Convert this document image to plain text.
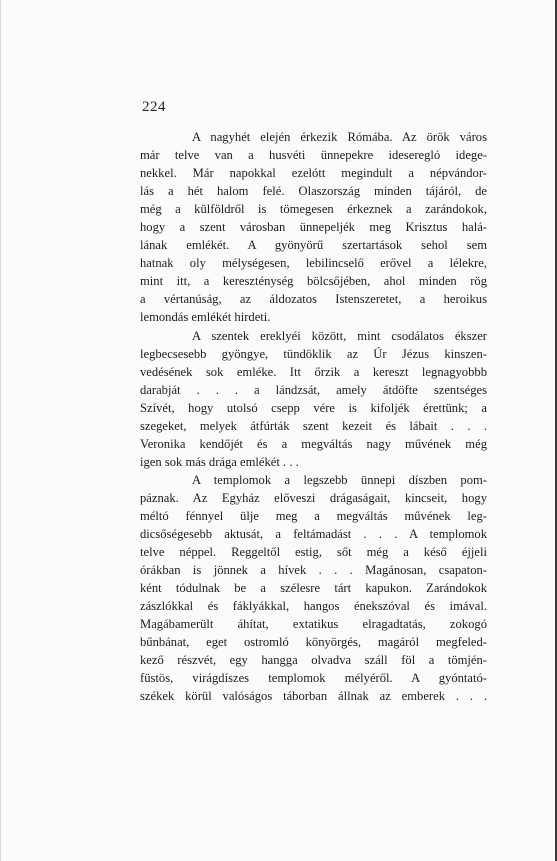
224
A nagyhét elején érkezik Rómába. Az örök város
már telve van a husvéti ünnepekre ideseregló idege-
nekkel. Már napokkal ezelótt megindult a népvándor-
lás a hét halom felé. Olaszország minden tájáról, de
még a külföldről is tömegesen érkeznek a zarándokok,
hogy a szent városban ünnepeljék meg Krisztus halá-
lának emlékét. A gyönyörű szertartások sehol sem
hatnak oly mélységesen, lebilincselő erővel a lélekre,
mint itt, a kereszténység bölcsőjében, ahol minden rög
a vértanúság, az áldozatos Istenszeretet, a heroikus
lemondás emlékét hirdeti.
A szentek ereklyéi között, mint csodálatos ékszer
legbecsesebb gyöngye, tündöklik az Úr Jézus kinszen-
vedésének sok emléke. Itt őrzik a kereszt legnagyobbb
darabját . . . a lándzsát, amely átdöfte szentséges
Szívét, hogy utolsó csepp vére is kifoljék érettünk; a
szegeket, melyek átfúrták szent kezeit és lábait . . .
Veronika kendőjét és a megváltás nagy művének még
igen sok más drága emlékét . . .
A templomok a legszebb ünnepi díszben pom-
páznak. Az Egyház előveszi drágaságait, kincseit, hogy
méltó fénnyel ülje meg a megváltás művének leg-
dicsőségesebb aktusát, a feltámadást . . . A templomok
telve néppel. Reggeltől estig, sőt még a késő éjjeli
órákban is jönnek a hívek . . . Magánosan, csapaton-
ként tódulnak be a szélesre tárt kapukon. Zarándokok
zászlókkal és fáklyákkal, hangos énekszóval és imával.
Magábamerült áhítat, extatikus elragadtatás, zokogó
bűnbánat, eget ostromló könyörgés, magáról megfeled-
kező részvét, egy hangga olvadva száll föl a tömjén-
füstös, virágdíszes templomok mélyéről. A gyóntató-
székek körül valóságos táborban állnak az emberek . . .
